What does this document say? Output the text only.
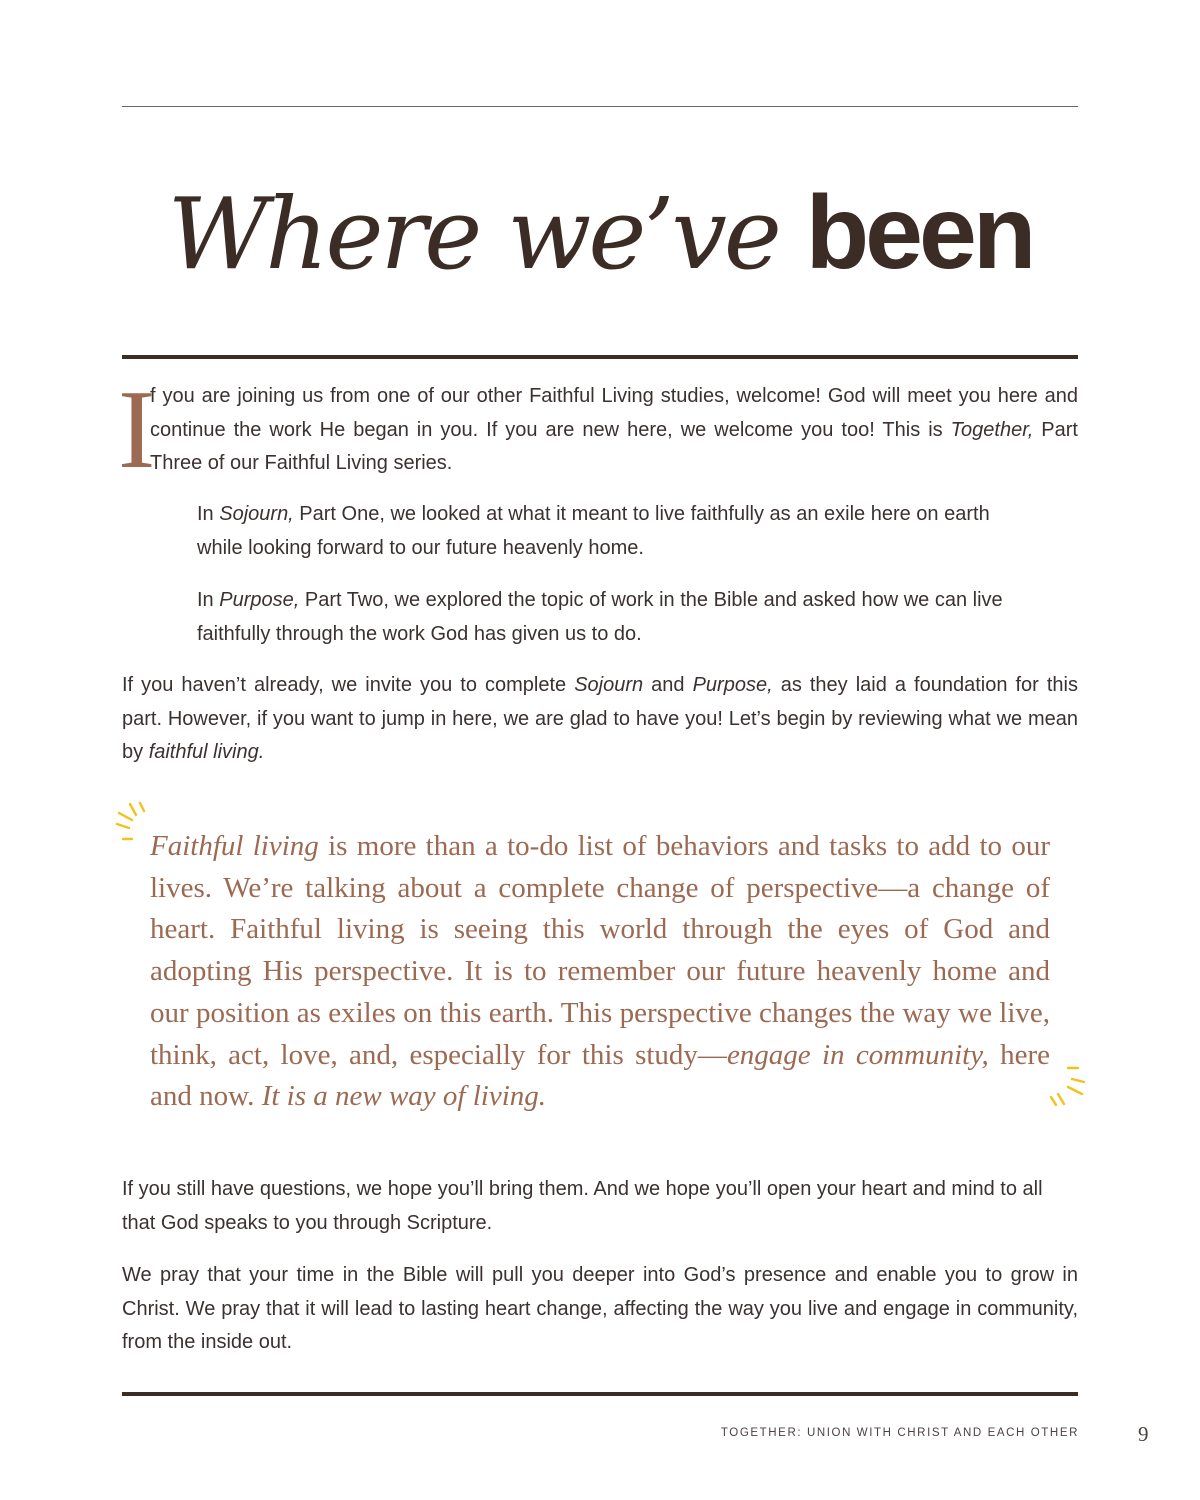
Where we’ve been
I

f you are joining us from one of our other Faithful Living studies, welcome! God will meet you here and continue the work He began in you. If you are new here, we welcome you too! This is Together, Part Three of our Faithful Living series.

In Sojourn, Part One, we looked at what it meant to live faithfully as an exile here on earth while looking forward to our future heavenly home.

In Purpose, Part Two, we explored the topic of work in the Bible and asked how we can live faithfully through the work God has given us to do.

If you haven’t already, we invite you to complete Sojourn and Purpose, as they laid a foundation for this part. However, if you want to jump in here, we are glad to have you! Let’s begin by reviewing what we mean by faithful living.

Faithful living is more than a to-do list of behaviors and tasks to add to our lives. We’re talking about a complete change of perspective—a change of heart. Faithful living is seeing this world through the eyes of God and adopting His perspective. It is to remember our future heavenly home and our position as exiles on this earth. This perspective changes the way we live, think, act, love, and, especially for this study—engage in community, here and now. It is a new way of living.

If you still have questions, we hope you’ll bring them. And we hope you’ll open your heart and mind to all that God speaks to you through Scripture.

We pray that your time in the Bible will pull you deeper into God’s presence and enable you to grow in Christ. We pray that it will lead to lasting heart change, affecting the way you live and engage in community, from the inside out.

TOGETHER: UNION WITH CHRIST AND EACH OTHER	9
